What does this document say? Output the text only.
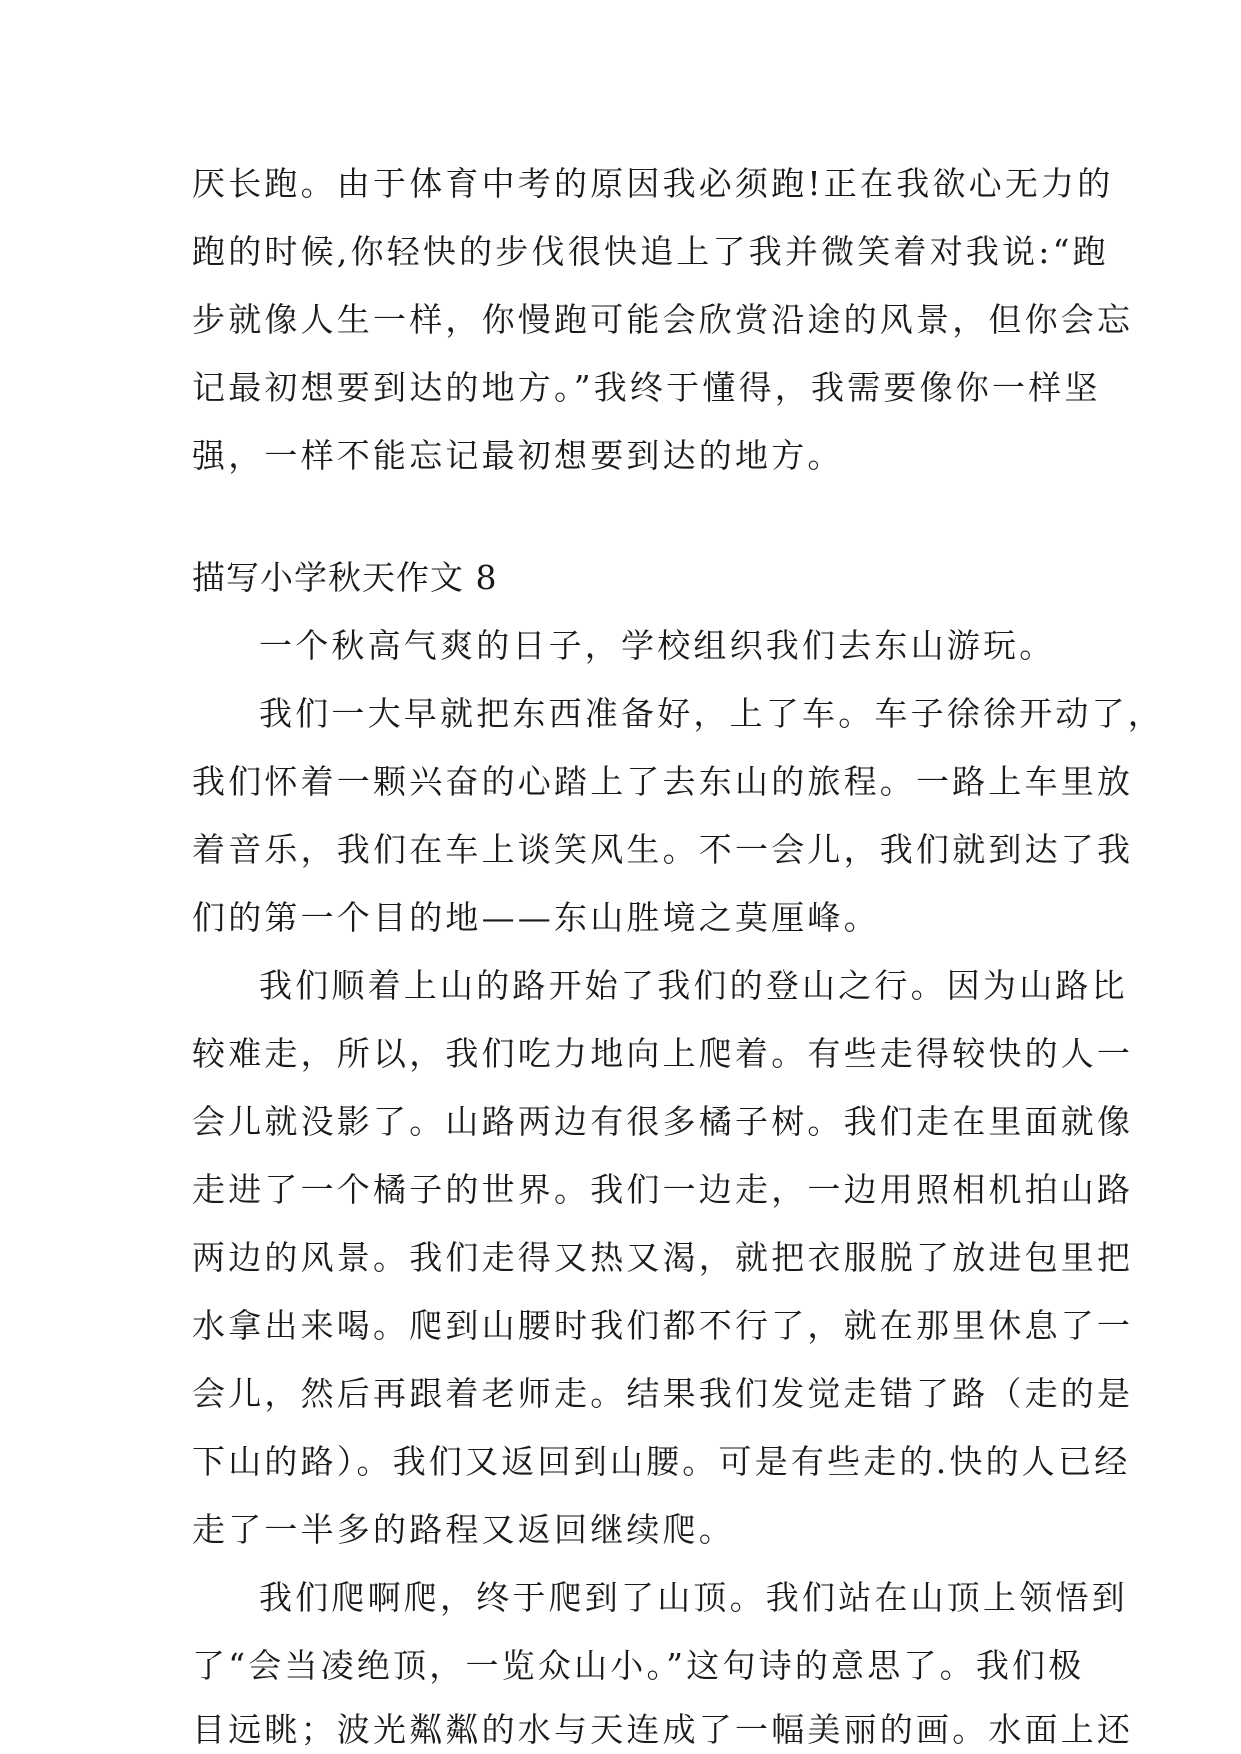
厌长跑。由于体育中考的原因我必须跑!正在我欲心无力的
跑的时候,你轻快的步伐很快追上了我并微笑着对我说:“跑
步就像人生一样，你慢跑可能会欣赏沿途的风景，但你会忘
记最初想要到达的地方。”我终于懂得，我需要像你一样坚
强，一样不能忘记最初想要到达的地方。
描写小学秋天作文 8
一个秋高气爽的日子，学校组织我们去东山游玩。
我们一大早就把东西准备好，上了车。车子徐徐开动了，
我们怀着一颗兴奋的心踏上了去东山的旅程。一路上车里放
着音乐，我们在车上谈笑风生。不一会儿，我们就到达了我
们的第一个目的地——东山胜境之莫厘峰。
我们顺着上山的路开始了我们的登山之行。因为山路比
较难走，所以，我们吃力地向上爬着。有些走得较快的人一
会儿就没影了。山路两边有很多橘子树。我们走在里面就像
走进了一个橘子的世界。我们一边走，一边用照相机拍山路
两边的风景。我们走得又热又渴，就把衣服脱了放进包里把
水拿出来喝。爬到山腰时我们都不行了，就在那里休息了一
会儿，然后再跟着老师走。结果我们发觉走错了路（走的是
下山的路）。我们又返回到山腰。可是有些走的.快的人已经
走了一半多的路程又返回继续爬。
我们爬啊爬，终于爬到了山顶。我们站在山顶上领悟到
了“会当凌绝顶，一览众山小。”这句诗的意思了。我们极
目远眺；波光粼粼的水与天连成了一幅美丽的画。水面上还
